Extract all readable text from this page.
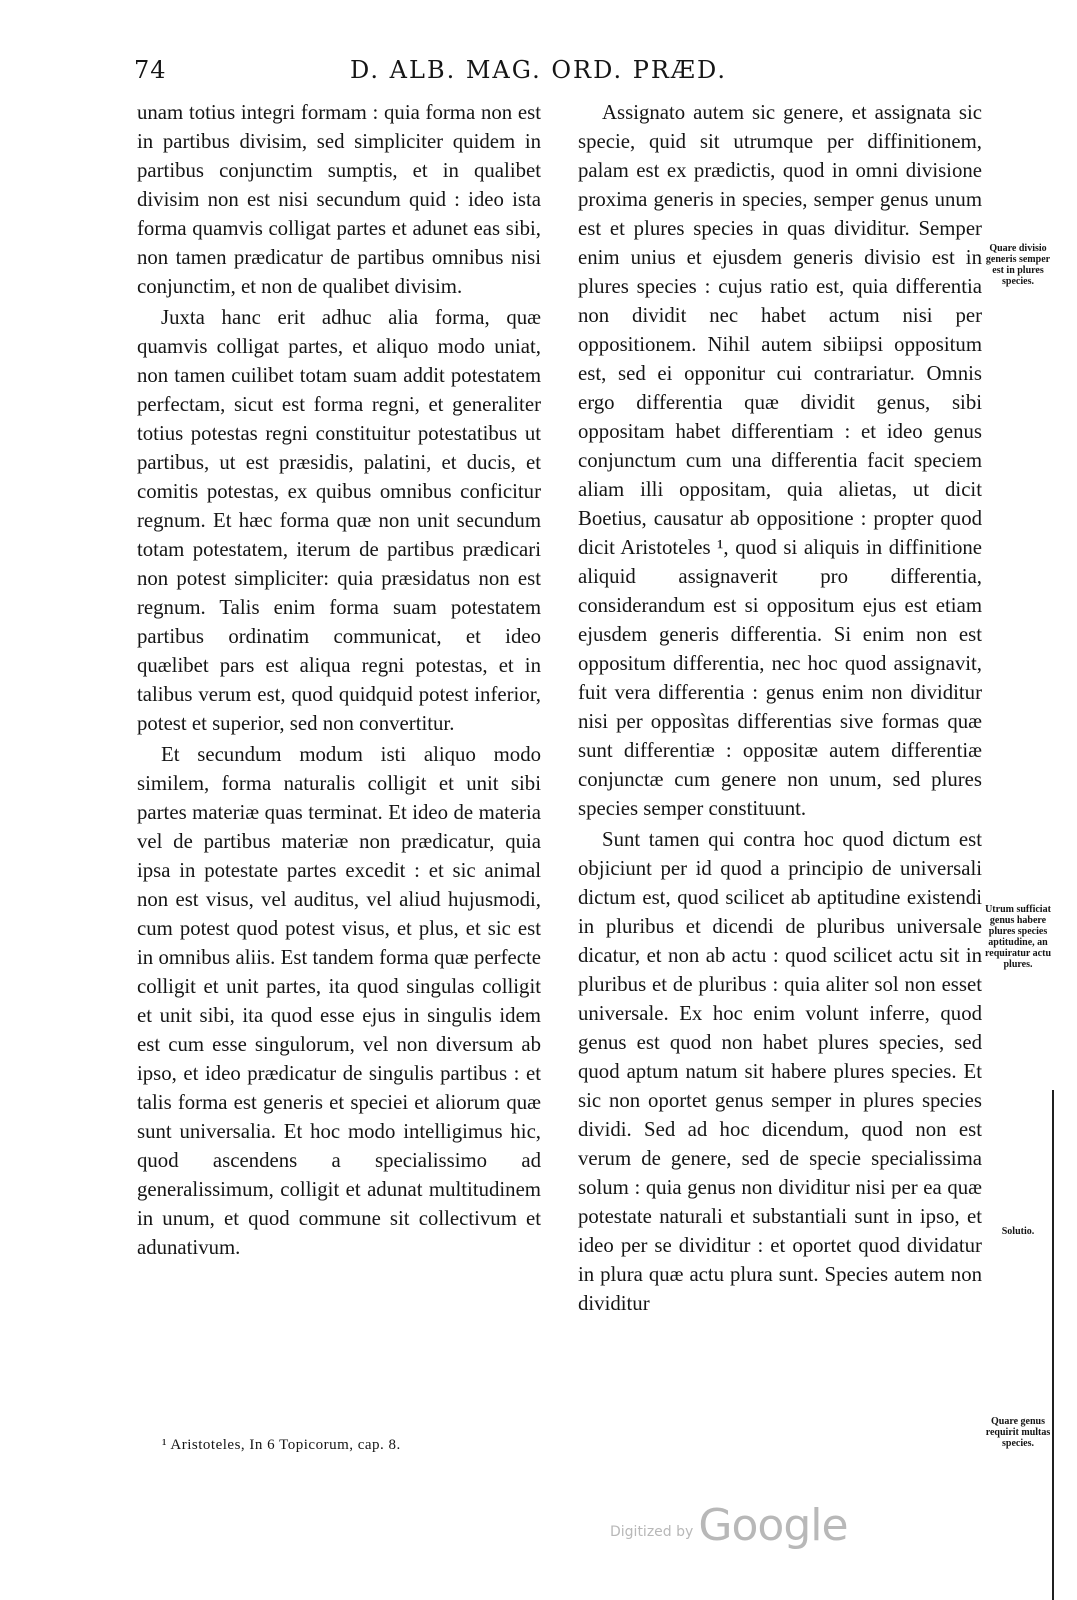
74	D. ALB. MAG. ORD. PRÆD.

unam totius integri formam : quia forma non est in partibus divisim, sed simpliciter quidem in partibus conjunctim sumptis, et in qualibet divisim non est nisi secundum quid : ideo ista forma quamvis colligat partes et adunet eas sibi, non tamen prædicatur de partibus omnibus nisi conjunctim, et non de qualibet divisim.

Juxta hanc erit adhuc alia forma, quæ quamvis colligat partes, et aliquo modo uniat, non tamen cuilibet totam suam addit potestatem perfectam, sicut est forma regni, et generaliter totius potestas regni constituitur potestatibus ut partibus, ut est præsidis, palatini, et ducis, et comitis potestas, ex quibus omnibus conficitur regnum. Et hæc forma quæ non unit secundum totam potestatem, iterum de partibus prædicari non potest simpliciter: quia præsidatus non est regnum. Talis enim forma suam potestatem partibus ordinatim communicat, et ideo quælibet pars est aliqua regni potestas, et in talibus verum est, quod quidquid potest inferior, potest et superior, sed non convertitur.

Et secundum modum isti aliquo modo similem, forma naturalis colligit et unit sibi partes materiæ quas terminat. Et ideo de materia vel de partibus materiæ non prædicatur, quia ipsa in potestate partes excedit : et sic animal non est visus, vel auditus, vel aliud hujusmodi, cum potest quod potest visus, et plus, et sic est in omnibus aliis. Est tandem forma quæ perfecte colligit et unit partes, ita quod singulas colligit et unit sibi, ita quod esse ejus in singulis idem est cum esse singulorum, vel non diversum ab ipso, et ideo prædicatur de singulis partibus : et talis forma est generis et speciei et aliorum quæ sunt universalia. Et hoc modo intelligimus hic, quod ascendens a specialissimo ad generalissimum, colligit et adunat multitudinem in unum, et quod commune sit collectivum et adunativum.

Assignato autem sic genere, et assignata sic specie, quid sit utrumque per diffinitionem, palam est ex prædictis, quod in omni divisione proxima generis in species, semper genus unum est et plures species in quas dividitur. Semper enim unius et ejusdem generis divisio est in plures species : cujus ratio est, quia differentia non dividit nec habet actum nisi per oppositionem. Nihil autem sibiipsi oppositum est, sed ei opponitur cui contrariatur. Omnis ergo differentia quæ dividit genus, sibi oppositam habet differentiam : et ideo genus conjunctum cum una differentia facit speciem aliam illi oppositam, quia alietas, ut dicit Boetius, causatur ab oppositione : propter quod dicit Aristoteles ¹, quod si aliquis in diffinitione aliquid assignaverit pro differentia, considerandum est si oppositum ejus est etiam ejusdem generis differentia. Si enim non est oppositum differentia, nec hoc quod assignavit, fuit vera differentia : genus enim non dividitur nisi per opposìtas differentias sive formas quæ sunt differentiæ : oppositæ autem differentiæ conjunctæ cum genere non unum, sed plures species semper constituunt.

Sunt tamen qui contra hoc quod dictum est objiciunt per id quod a principio de universali dictum est, quod scilicet ab aptitudine existendi in pluribus et dicendi de pluribus universale dicatur, et non ab actu : quod scilicet actu sit in pluribus et de pluribus : quia aliter sol non esset universale. Ex hoc enim volunt inferre, quod genus est quod non habet plures species, sed quod aptum natum sit habere plures species. Et sic non oportet genus semper in plures species dividi. Sed ad hoc dicendum, quod non est verum de genere, sed de specie specialissima solum : quia genus non dividitur nisi per ea quæ potestate naturali et substantiali sunt in ipso, et ideo per se dividitur : et oportet quod dividatur in plura quæ actu plura sunt. Species autem non dividitur

Quare divisio generis semper est in plures species.
Utrum sufficiat genus habere plures species aptitudine, an requiratur actu plures.
Solutio.
Quare genus requirit multas species.
¹ Aristoteles, In 6 Topicorum, cap. 8.
Digitized by Google
